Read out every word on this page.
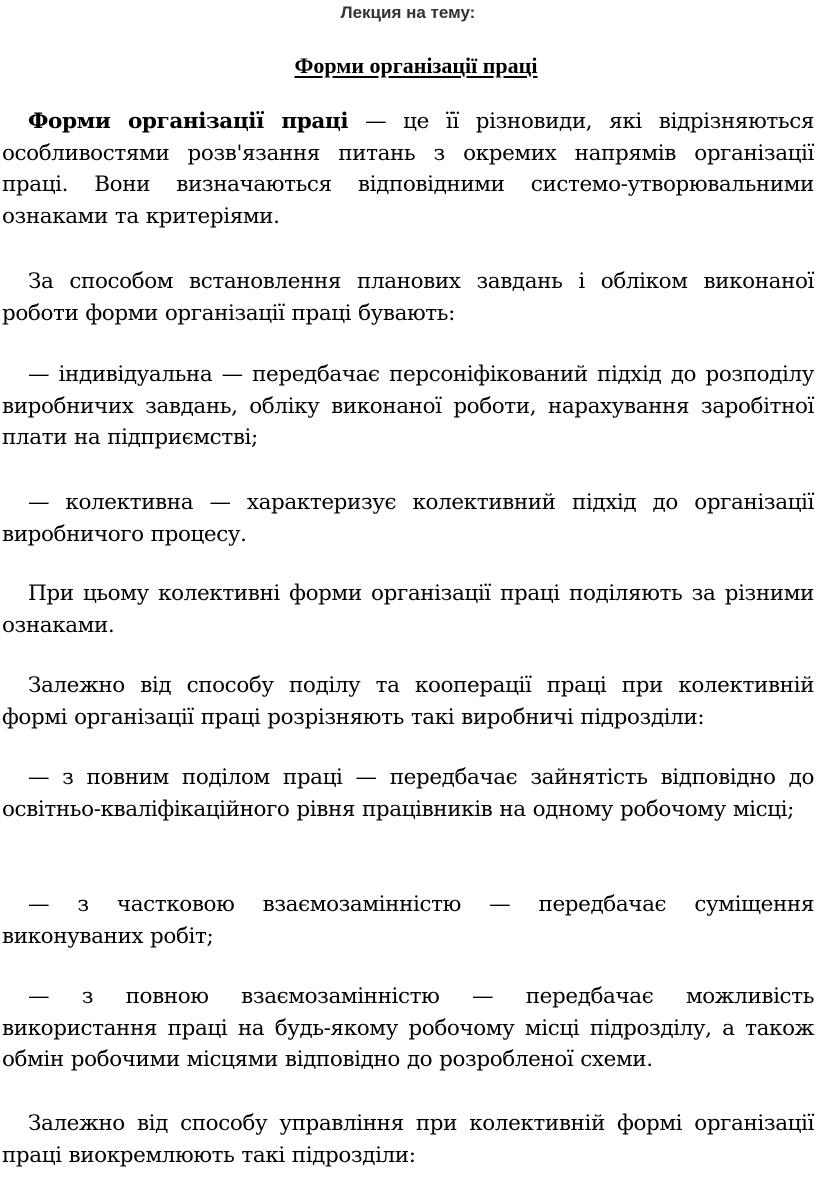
Лекция на тему:
Форми організації праці

Форми організації праці — це її різновиди, які відрізняються особливостями розв'язання питань з окремих напрямів організації праці. Вони визначаються відповідними системо-утворювальними ознаками та критеріями.

За способом встановлення планових завдань і обліком виконаної роботи форми організації праці бувають:

— індивідуальна — передбачає персоніфікований підхід до розподілу виробничих завдань, обліку виконаної роботи, нарахування заробітної плати на підприємстві;

— колективна — характеризує колективний підхід до організації виробничого процесу.

При цьому колективні форми організації праці поділяють за різними ознаками.

Залежно від способу поділу та кооперації праці при колективній формі організації праці розрізняють такі виробничі підрозділи:

— з повним поділом праці — передбачає зайнятість відповідно до освітньо-кваліфікаційного рівня працівників на одному робочому місці;

— з частковою взаємозамінністю — передбачає суміщення виконуваних робіт;

— з повною взаємозамінністю — передбачає можливість використання праці на будь-якому робочому місці підрозділу, а також обмін робочими місцями відповідно до розробленої схеми.

Залежно від способу управління при колективній формі організації праці виокремлюють такі підрозділи:
